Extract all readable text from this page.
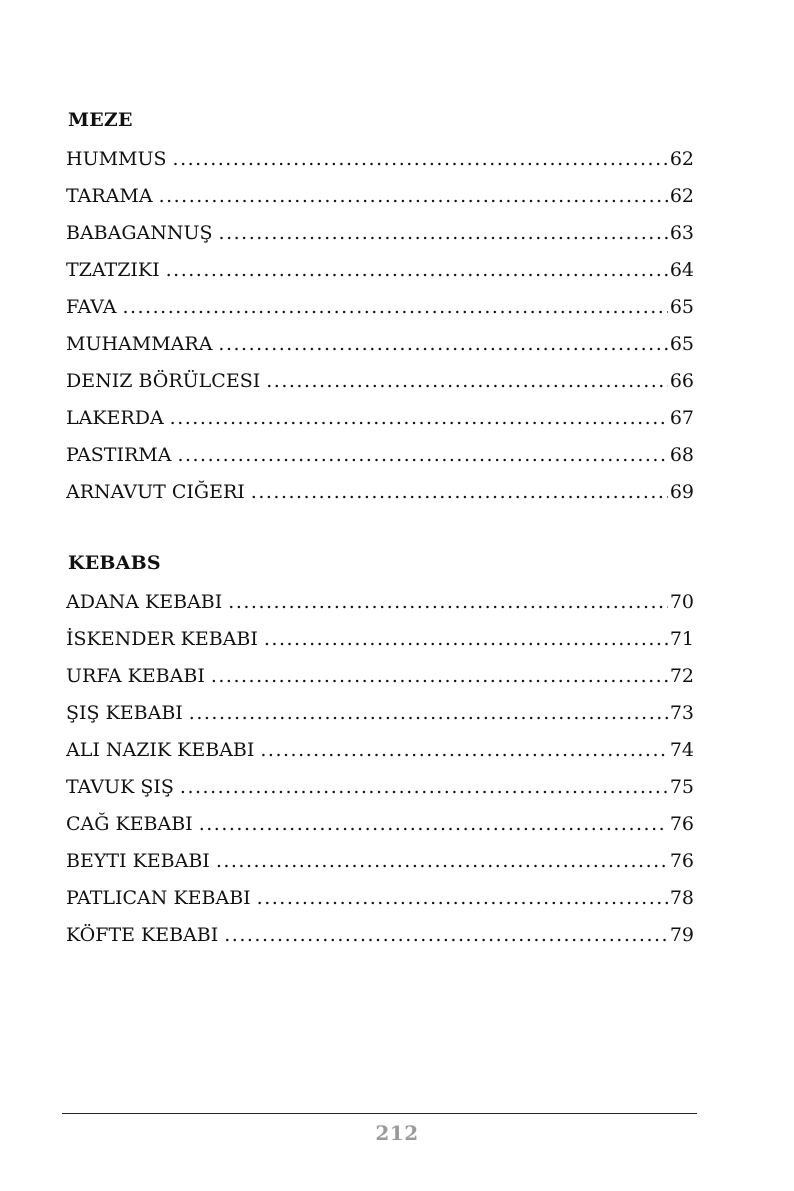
MEZE
HUMMUS .....	62
TARAMA .....	62
BABAGANNUŞ .....	63
TZATZIKI .....	64
FAVA .....	65
MUHAMMARA .....	65
DENIZ BÖRÜLCESI .....	66
LAKERDA .....	67
PASTIRMA .....	68
ARNAVUT CIĞERI .....	69
KEBABS
ADANA KEBABI .....	70
İSKENDER KEBABI .....	71
URFA KEBABI .....	72
ŞIŞ KEBABI .....	73
ALI NAZIK KEBABI .....	74
TAVUK ŞIŞ .....	75
CAĞ KEBABI .....	76
BEYTI KEBABI .....	76
PATLICAN KEBABI .....	78
KÖFTE KEBABI .....	79
212
